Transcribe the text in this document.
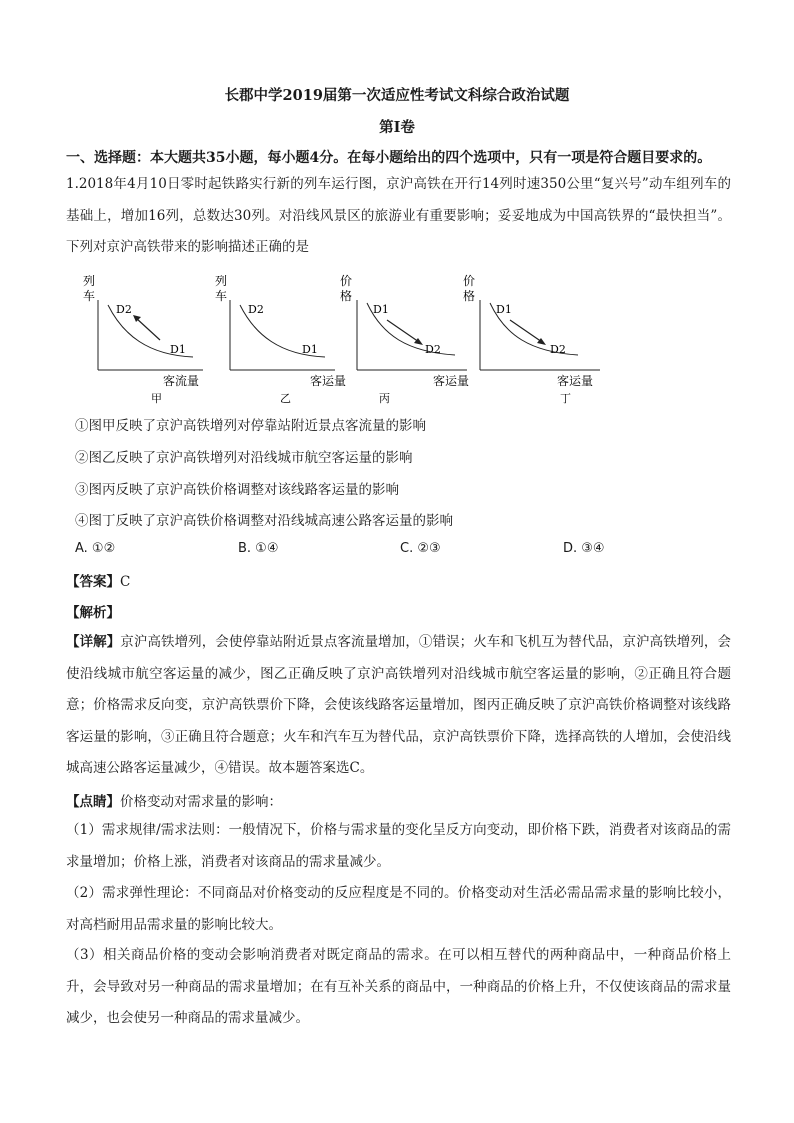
长郡中学2019届第一次适应性考试文科综合政治试题
第Ⅰ卷
一、选择题：本大题共35小题，每小题4分。在每小题给出的四个选项中，只有一项是符合题目要求的。
1.2018年4月10日零时起铁路实行新的列车运行图，京沪高铁在开行14列时速350公里“复兴号”动车组列车的基础上，增加16列，总数达30列。对沿线风景区的旅游业有重要影响；妥妥地成为中国高铁界的“最快担当”。下列对京沪高铁带来的影响描述正确的是
列
车
D2
D1
客流量
甲
列
车
D2
D1
客运量
乙
价
格
D1
D2
客运量
丙
价
格
D1
D2
客运量
丁
①图甲反映了京沪高铁增列对停靠站附近景点客流量的影响
②图乙反映了京沪高铁增列对沿线城市航空客运量的影响
③图丙反映了京沪高铁价格调整对该线路客运量的影响
④图丁反映了京沪高铁价格调整对沿线城高速公路客运量的影响
A. ①②	B. ①④	C. ②③	D. ③④
【答案】C
【解析】
【详解】京沪高铁增列，会使停靠站附近景点客流量增加，①错误；火车和飞机互为替代品，京沪高铁增列，会使沿线城市航空客运量的减少，图乙正确反映了京沪高铁增列对沿线城市航空客运量的影响，②正确且符合题意；价格需求反向变，京沪高铁票价下降，会使该线路客运量增加，图丙正确反映了京沪高铁价格调整对该线路客运量的影响，③正确且符合题意；火车和汽车互为替代品，京沪高铁票价下降，选择高铁的人增加，会使沿线城高速公路客运量减少，④错误。故本题答案选C。
【点睛】价格变动对需求量的影响：
（1）需求规律/需求法则：一般情况下，价格与需求量的变化呈反方向变动，即价格下跌，消费者对该商品的需求量增加；价格上涨，消费者对该商品的需求量减少。
（2）需求弹性理论：不同商品对价格变动的反应程度是不同的。价格变动对生活必需品需求量的影响比较小，对高档耐用品需求量的影响比较大。
（3）相关商品价格的变动会影响消费者对既定商品的需求。在可以相互替代的两种商品中，一种商品价格上升，会导致对另一种商品的需求量增加；在有互补关系的商品中，一种商品的价格上升，不仅使该商品的需求量减少，也会使另一种商品的需求量减少。
